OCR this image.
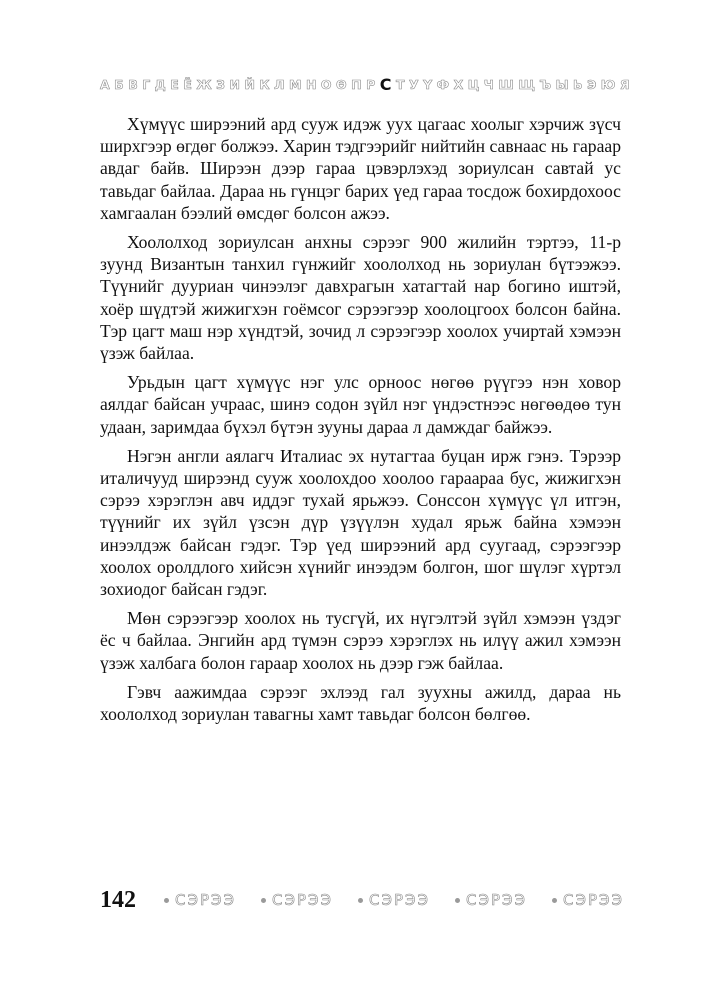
А Б В Г Д Е Ё Ж З И Й К Л М Н О Ө П Р С Т У Ү Ф Х Ц Ч Ш Щ Ъ Ы Ь Э Ю Я

Хүмүүс ширээний ард сууж идэж уух цагаас хоолыг хэрчиж зүсч ширхгээр өгдөг болжээ. Харин тэдгээрийг нийтийн савнаас нь гараар авдаг байв. Ширээн дээр гараа цэвэрлэхэд зориулсан савтай ус тавьдаг байлаа. Дараа нь гүнцэг барих үед гараа тосдож бохирдохоос хамгаалан бээлий өмсдөг болсон ажээ.

Хоололход зориулсан анхны сэрээг 900 жилийн тэртээ, 11-р зуунд Византын танхил гүнжийг хоололход нь зориулан бүтээжээ. Түүнийг дууриан чинээлэг давхрагын хатагтай нар богино иштэй, хоёр шүдтэй жижигхэн гоёмсог сэрээгээр хоолоцгоох болсон байна. Тэр цагт маш нэр хүндтэй, зочид л сэрээгээр хоолох учиртай хэмээн үзэж байлаа.

Урьдын цагт хүмүүс нэг улс орноос нөгөө рүүгээ нэн ховор аялдаг байсан учраас, шинэ содон зүйл нэг үндэстнээс нөгөөдөө тун удаан, заримдаа бүхэл бүтэн зууны дараа л дамждаг байжээ.

Нэгэн англи аялагч Италиас эх нутагтаа буцан ирж гэнэ. Тэрээр италичууд ширээнд сууж хоолохдоо хоолоо гараараа бус, жижигхэн сэрээ хэрэглэн авч иддэг тухай ярьжээ. Сонссон хүмүүс үл итгэн, түүнийг их зүйл үзсэн дүр үзүүлэн худал ярьж байна хэмээн инээлдэж байсан гэдэг. Тэр үед ширээний ард суугаад, сэрээгээр хоолох оролдлого хийсэн хүнийг инээдэм болгон, шог шүлэг хүртэл зохиодог байсан гэдэг.

Мөн сэрээгээр хоолох нь тусгүй, их нүгэлтэй зүйл хэмээн үздэг ёс ч байлаа. Энгийн ард түмэн сэрээ хэрэглэх нь илүү ажил хэмээн үзэж халбага болон гараар хоолох нь дээр гэж байлаа.

Гэвч аажимдаа сэрээг эхлээд гал зуухны ажилд, дараа нь хоололход зориулан тавагны хамт тавьдаг болсон бөлгөө.

142	СЭРЭЭ	СЭРЭЭ	СЭРЭЭ	СЭРЭЭ	СЭРЭЭ
